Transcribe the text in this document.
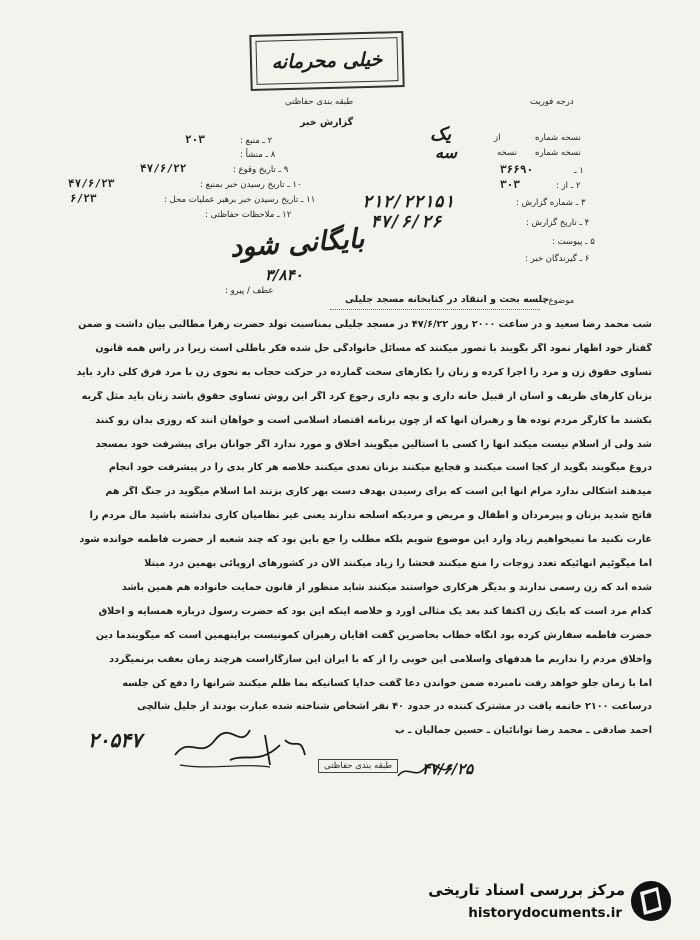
خیلی محرمانه
طبقه بندی حفاظتی	درجه فوریت
گزارش خبر
۲ ـ منبع :
۲۰۳
۸ ـ منشأ :
۹ ـ تاریخ وقوع :
۴۷/۶/۲۲
۱۰ ـ تاریخ رسیدن خبر بمنبع :
۴۷/۶/۲۳
۱۱ ـ تاریخ رسیدن خبر برهبر عملیات محل :
۶/۲۳
۱۲ ـ ملاحظات حفاظتی :
نسخه شماره
یک	از
نسخه شماره
سه	نسخه
۱ ـ
۳۶۶۹۰
۲ ـ از :
۳۰۳
۳ ـ شماره گزارش :
۲۱۲/۲۲۱۵۱
۴ ـ تاریخ گزارش :
۴۷/۶/۲۶
۵ ـ پیوست :
۶ ـ گیرندگان خبر :
بایگانی شود
۳/۸۴۰
عطف / پیرو :
موضوع :
جلسه بحث و انتقاد در کتابخانه مسجد جلیلی
شب محمد رضا سعید و در ساعت ۲۰۰۰ روز ۴۷/۶/۲۲ در مسجد جلیلی بمناسبت تولد حضرت زهرا مطالبی بیان داشت و ضمن
گفتار خود اظهار نمود اگر بگویند با تصور میکنند که مسائل خانوادگی حل شده فکر باطلی است زیرا در راس همه قانون
تساوی حقوق زن و مرد را اجرا کرده و زنان را بکارهای سخت گمارده در حرکت حجاب به نحوی زن با مرد فرق کلی دارد باید
بزنان کارهای ظریف و آسان از قبیل خانه داری و بچه داری رجوع کرد اگر این روش تساوی حقوق باشد زنان باید مثل گربه
بکشند ما کارگر مردم توده ها و رهبران آنها که از چون برنامه اقتصاد اسلامی است و خواهان آنند که روزی بدان رو کنند
شد ولی از اسلام نیست میکند آنها را کسی با استالین میگویند اخلاق و مورد ندارد اگر جوانان برای پیشرفت خود بمسجد
دروغ میگویند بگوید از کجا است میکنند و فجایع میکنند بزنان تعدی میکنند خلاصه هر کار بدی را در پیشرفت خود انجام
میدهند اشکالی ندارد مرام آنها این است که برای رسیدن بهدف دست بهر کاری بزنند اما اسلام میگوید در جنگ اگر هم
فاتح شدید بزنان و پیرمردان و اطفال و مریض و مردیکه اسلحه ندارند یعنی غیر نظامیان کاری نداشته باشید مال مردم را
غارت نکنید ما نمیخواهیم زیاد وارد این موضوع شویم بلکه مطلب را جع باین بود که چند شعبه از حضرت فاطمه خوانده شود
اما میگوئیم آنهائیکه تعدد زوجات را منع میکنند فحشا را زیاد میکنند الان در کشورهای اروپائی بهمین درد مبتلا
شده اند که زن رسمی ندارند و بدیگر هرکاری خواستند میکنند شاید منظور از قانون حمایت خانواده هم همین باشد
کدام مرد است که بایک زن اکتفا کند بعد یک مثالی آورد و خلاصه اینکه این بود که حضرت رسول درباره همسایه و اخلاق
حضرت فاطمه سفارش کرده بود آنگاه خطاب بحاضرین گفت آقایان رهبران کمونیست براینهمین است که میگویندما دین
واخلاق مردم را نداریم ما هدفهای واسلامی این خوبی را از که با ایران این سازگاراست هرچند زمان بعقب برنمیگردد
اما با زمان جلو خواهد رفت نامبرده ضمن خواندن دعا گفت خدایا کسانیکه بما ظلم میکنند شرآنها را دفع کن جلسه
درساعت ۲۱۰۰ خاتمه یافت در مشترک کننده در حدود ۴۰ نفر اشخاص شناخته شده عبارت بودند از جلیل شالچی
احمد صادقی ـ محمد رضا توانائیان ـ حسین جمالیان ـ ب
طبقه بندی حفاظتی
۲۰۵۴۷
۴۷/۶/۲۵
مرکز بررسی اسناد تاریخی
historydocuments.ir
